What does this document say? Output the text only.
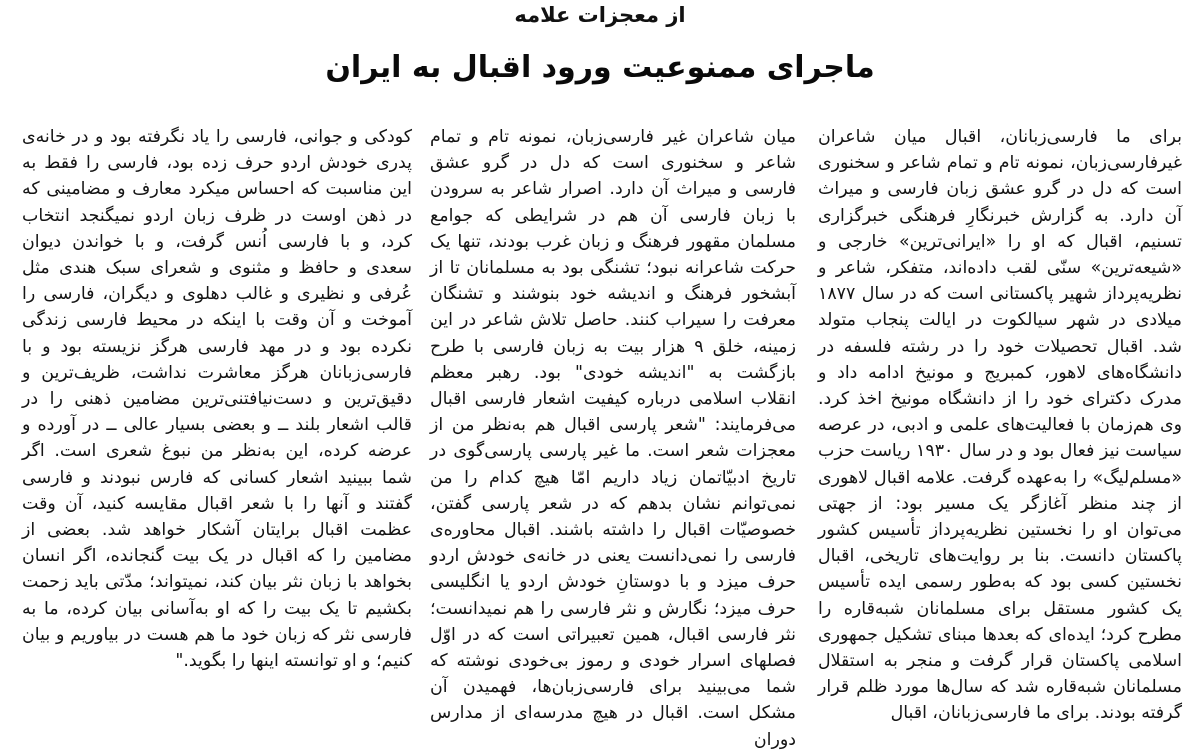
از معجزات علامه
ماجرای ممنوعیت ورود اقبال به ایران

برای ما فارسی‌زبانان، اقبال میان شاعران غیرفارسی‌زبان، نمونه تام و تمام شاعر و سخنوری است که دل در گرو عشق زبان فارسی و میراث آن دارد. به گزارش خبرنگارِ فرهنگی خبرگزاری تسنیم، اقبال که او را «ایرانی‌ترین» خارجی و «شیعه‌ترین» سنّی لقب داده‌اند، متفکر، شاعر و نظریه‌پرداز شهیر پاکستانی است که در سال ۱۸۷۷ میلادی در شهر سیالکوت در ایالت پنجاب متولد شد. اقبال تحصیلات خود را در رشته فلسفه در دانشگاه‌های لاهور، کمبریج و مونیخ ادامه داد و مدرک دکترای خود را از دانشگاه مونیخ اخذ کرد. وی هم‌زمان با فعالیت‌های علمی و ادبی، در عرصه سیاست نیز فعال بود و در سال ۱۹۳۰ ریاست حزب «مسلم‌لیگ» را به‌عهده گرفت. علامه اقبال لاهوری از چند منظر آغازگر یک مسیر بود: از جهتی می‌توان او را نخستین نظریه‌پرداز تأسیس کشور پاکستان دانست. بنا بر روایت‌های تاریخی، اقبال نخستین کسی بود که به‌طور رسمی ایده تأسیس یک کشور مستقل برای مسلمانان شبه‌قاره را مطرح کرد؛ ایده‌ای که بعدها مبنای تشکیل جمهوری اسلامی پاکستان قرار گرفت و منجر به استقلال مسلمانان شبه‌قاره شد که سال‌ها مورد ظلم قرار گرفته بودند. برای ما فارسی‌زبانان، اقبال

میان شاعران غیر فارسی‌زبان، نمونه تام و تمام شاعر و سخنوری است که دل در گرو عشق فارسی و میراث آن دارد. اصرار شاعر به سرودن با زبان فارسی آن هم در شرایطی که جوامع مسلمان مقهور فرهنگ و زبان غرب بودند، تنها یک حرکت شاعرانه نبود؛ تشنگی بود به مسلمانان تا از آبشخور فرهنگ و اندیشه خود بنوشند و تشنگان معرفت را سیراب کنند. حاصل تلاش شاعر در این زمینه، خلق ۹ هزار بیت به زبان فارسی با طرح بازگشت به "اندیشه خودی" بود. رهبر معظم انقلاب اسلامی درباره کیفیت اشعار فارسی اقبال می‌فرمایند: "شعر پارسی اقبال هم به‌نظر من از معجزات شعر است. ما غیر پارسی‌ پارسی‌گوی در تاریخ ادبیّاتمان زیاد داریم امّا هیچ کدام را من نمی‌توانم نشان بدهم که در شعر پارسی گفتن، خصوصیّات اقبال را داشته باشند. اقبال محاوره‌ی فارسی را نمی‌دانست یعنی در خانه‌ی خودش اردو حرف میزد و با دوستانِ خودش اردو یا انگلیسی حرف میزد؛ نگارش و نثر فارسی را هم نمیدانست؛ نثر فارسی اقبال، همین تعبیراتی است که در اوّل فصلهای اسرار خودی و رموز بی‌خودی نوشته که شما می‌بینید برای فارسی‌زبان‌ها، فهمیدن آن مشکل است. اقبال در هیچ مدرسه‌ای از مدارس دوران

کودکی و جوانی، فارسی را یاد نگرفته بود و در خانه‌ی پدری خودش اردو حرف زده بود، فارسی را فقط به این مناسبت که احساس میکرد معارف و مضامینی که در ذهن اوست در ظرف زبان اردو نمیگنجد انتخاب کرد، و با فارسی اُنس گرفت، و با خواندن دیوان سعدی و حافظ و مثنوی و شعرای سبک هندی مثل عُرفی و نظیری و غالب دهلوی و دیگران، فارسی را آموخت و آن وقت با اینکه در محیط فارسی زندگی نکرده بود و در مهد فارسی هرگز نزیسته بود و با فارسی‌زبانان هرگز معاشرت نداشت، ظریف‌ترین و دقیق‌ترین و دست‌نیافتنی‌ترین مضامین ذهنی را در قالب اشعار بلند ــ و بعضی بسیار عالی ــ در آورده و عرضه کرده، این به‌نظر من نبوغ شعری است. اگر شما ببینید اشعار کسانی که فارس نبودند و فارسی گفتند و آنها را با شعر اقبال مقایسه کنید، آن وقت عظمت اقبال برایتان آشکار خواهد شد. بعضی از مضامین را که اقبال در یک بیت گنجانده، اگر انسان بخواهد با زبان نثر بیان کند، نمیتواند؛ مدّتی باید زحمت بکشیم تا یک بیت را که او به‌آسانی بیان کرده، ما به فارسی نثر که زبان خود ما هم هست در بیاوریم و بیان کنیم؛ و او توانسته اینها را بگوید."
